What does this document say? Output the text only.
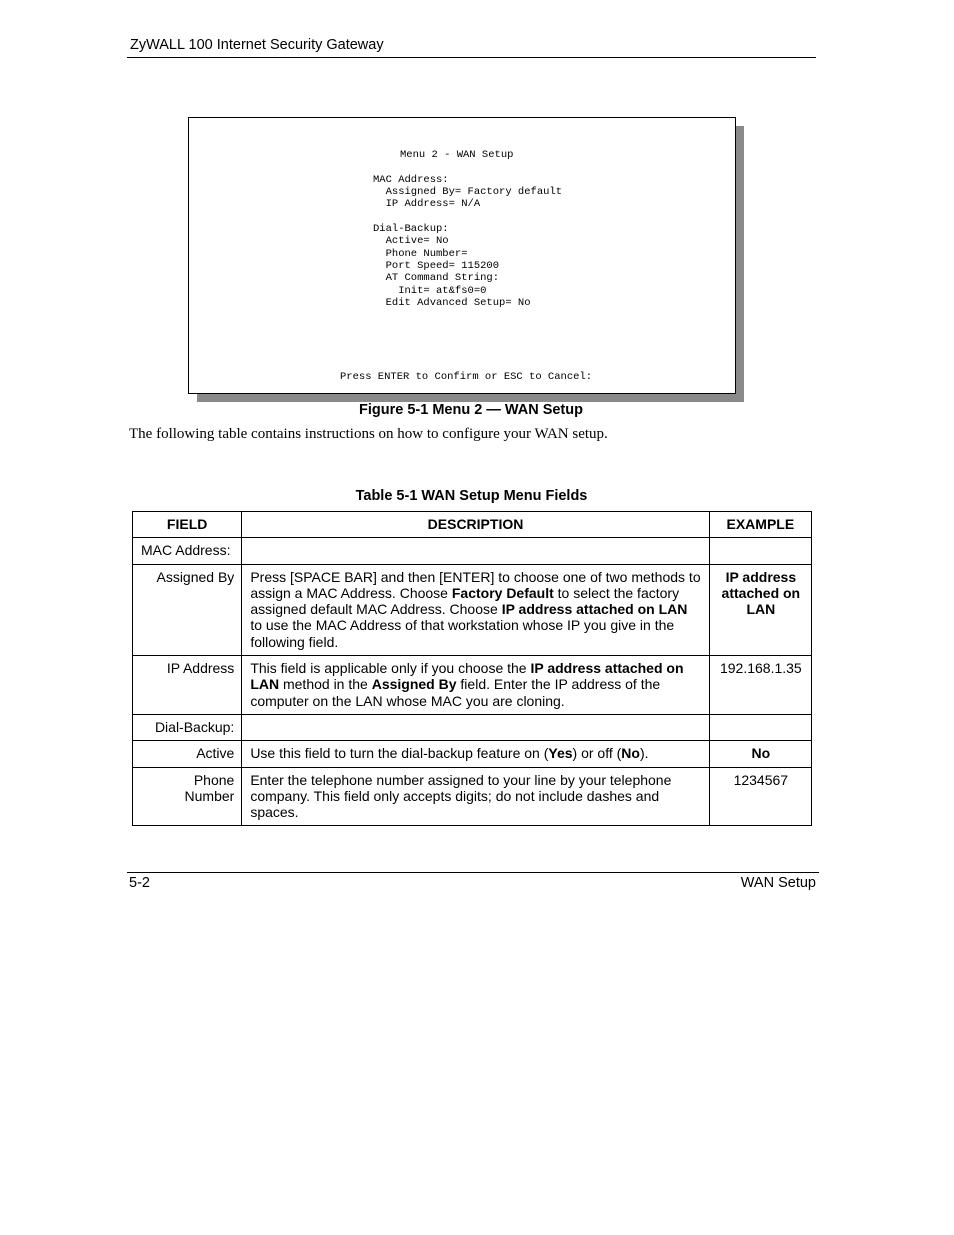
ZyWALL 100 Internet Security Gateway
Menu 2 - WAN Setup
MAC Address:
Assigned By= Factory default
IP Address= N/A
Dial-Backup:
Active= No
Phone Number=
Port Speed= 115200
AT Command String:
Init= at&fs0=0
Edit Advanced Setup= No
Press ENTER to Confirm or ESC to Cancel:
Figure 5-1 Menu 2 — WAN Setup
The following table contains instructions on how to configure your WAN setup.
Table 5-1 WAN Setup Menu Fields
FIELD	DESCRIPTION	EXAMPLE
MAC Address:		
Assigned By	Press [SPACE BAR] and then [ENTER] to choose one of two methods to assign a MAC Address. Choose Factory Default to select the factory assigned default MAC Address. Choose IP address attached on LAN to use the MAC Address of that workstation whose IP you give in the following field.	IP address attached on LAN
IP Address	This field is applicable only if you choose the IP address attached on LAN method in the Assigned By field. Enter the IP address of the computer on the LAN whose MAC you are cloning.	192.168.1.35
Dial-Backup:		
Active	Use this field to turn the dial-backup feature on (Yes) or off (No).	No
Phone Number	Enter the telephone number assigned to your line by your telephone company. This field only accepts digits; do not include dashes and spaces.	1234567
5-2	WAN Setup
